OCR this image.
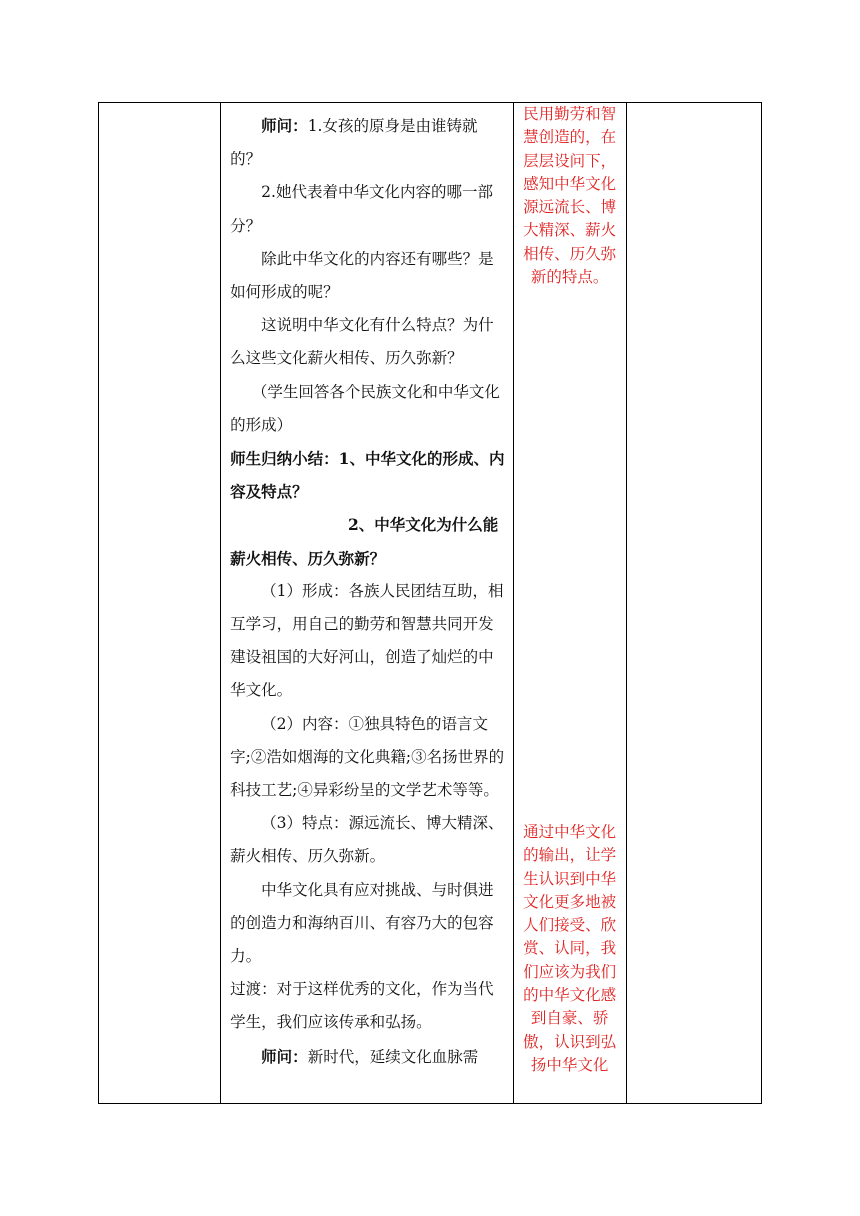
师问：1.女孩的原身是由谁铸就的？

2.她代表着中华文化内容的哪一部分？

除此中华文化的内容还有哪些？是如何形成的呢？

这说明中华文化有什么特点？为什么这些文化薪火相传、历久弥新？

（学生回答各个民族文化和中华文化的形成）

师生归纳小结：1、中华文化的形成、内容及特点？

2、中华文化为什么能薪火相传、历久弥新？

（1）形成：各族人民团结互助，相互学习，用自己的勤劳和智慧共同开发建设祖国的大好河山，创造了灿烂的中华文化。

（2）内容：①独具特色的语言文字;②浩如烟海的文化典籍;③名扬世界的科技工艺;④异彩纷呈的文学艺术等等。

（3）特点：源远流长、博大精深、薪火相传、历久弥新。

中华文化具有应对挑战、与时俱进的创造力和海纳百川、有容乃大的包容力。

过渡：对于这样优秀的文化，作为当代学生，我们应该传承和弘扬。

师问：新时代，延续文化血脉需

民用勤劳和智慧创造的，在层层设问下，感知中华文化源远流长、博大精深、薪火相传、历久弥新的特点。
通过中华文化的输出，让学生认识到中华文化更多地被人们接受、欣赏、认同，我们应该为我们的中华文化感到自豪、骄傲，认识到弘扬中华文化
